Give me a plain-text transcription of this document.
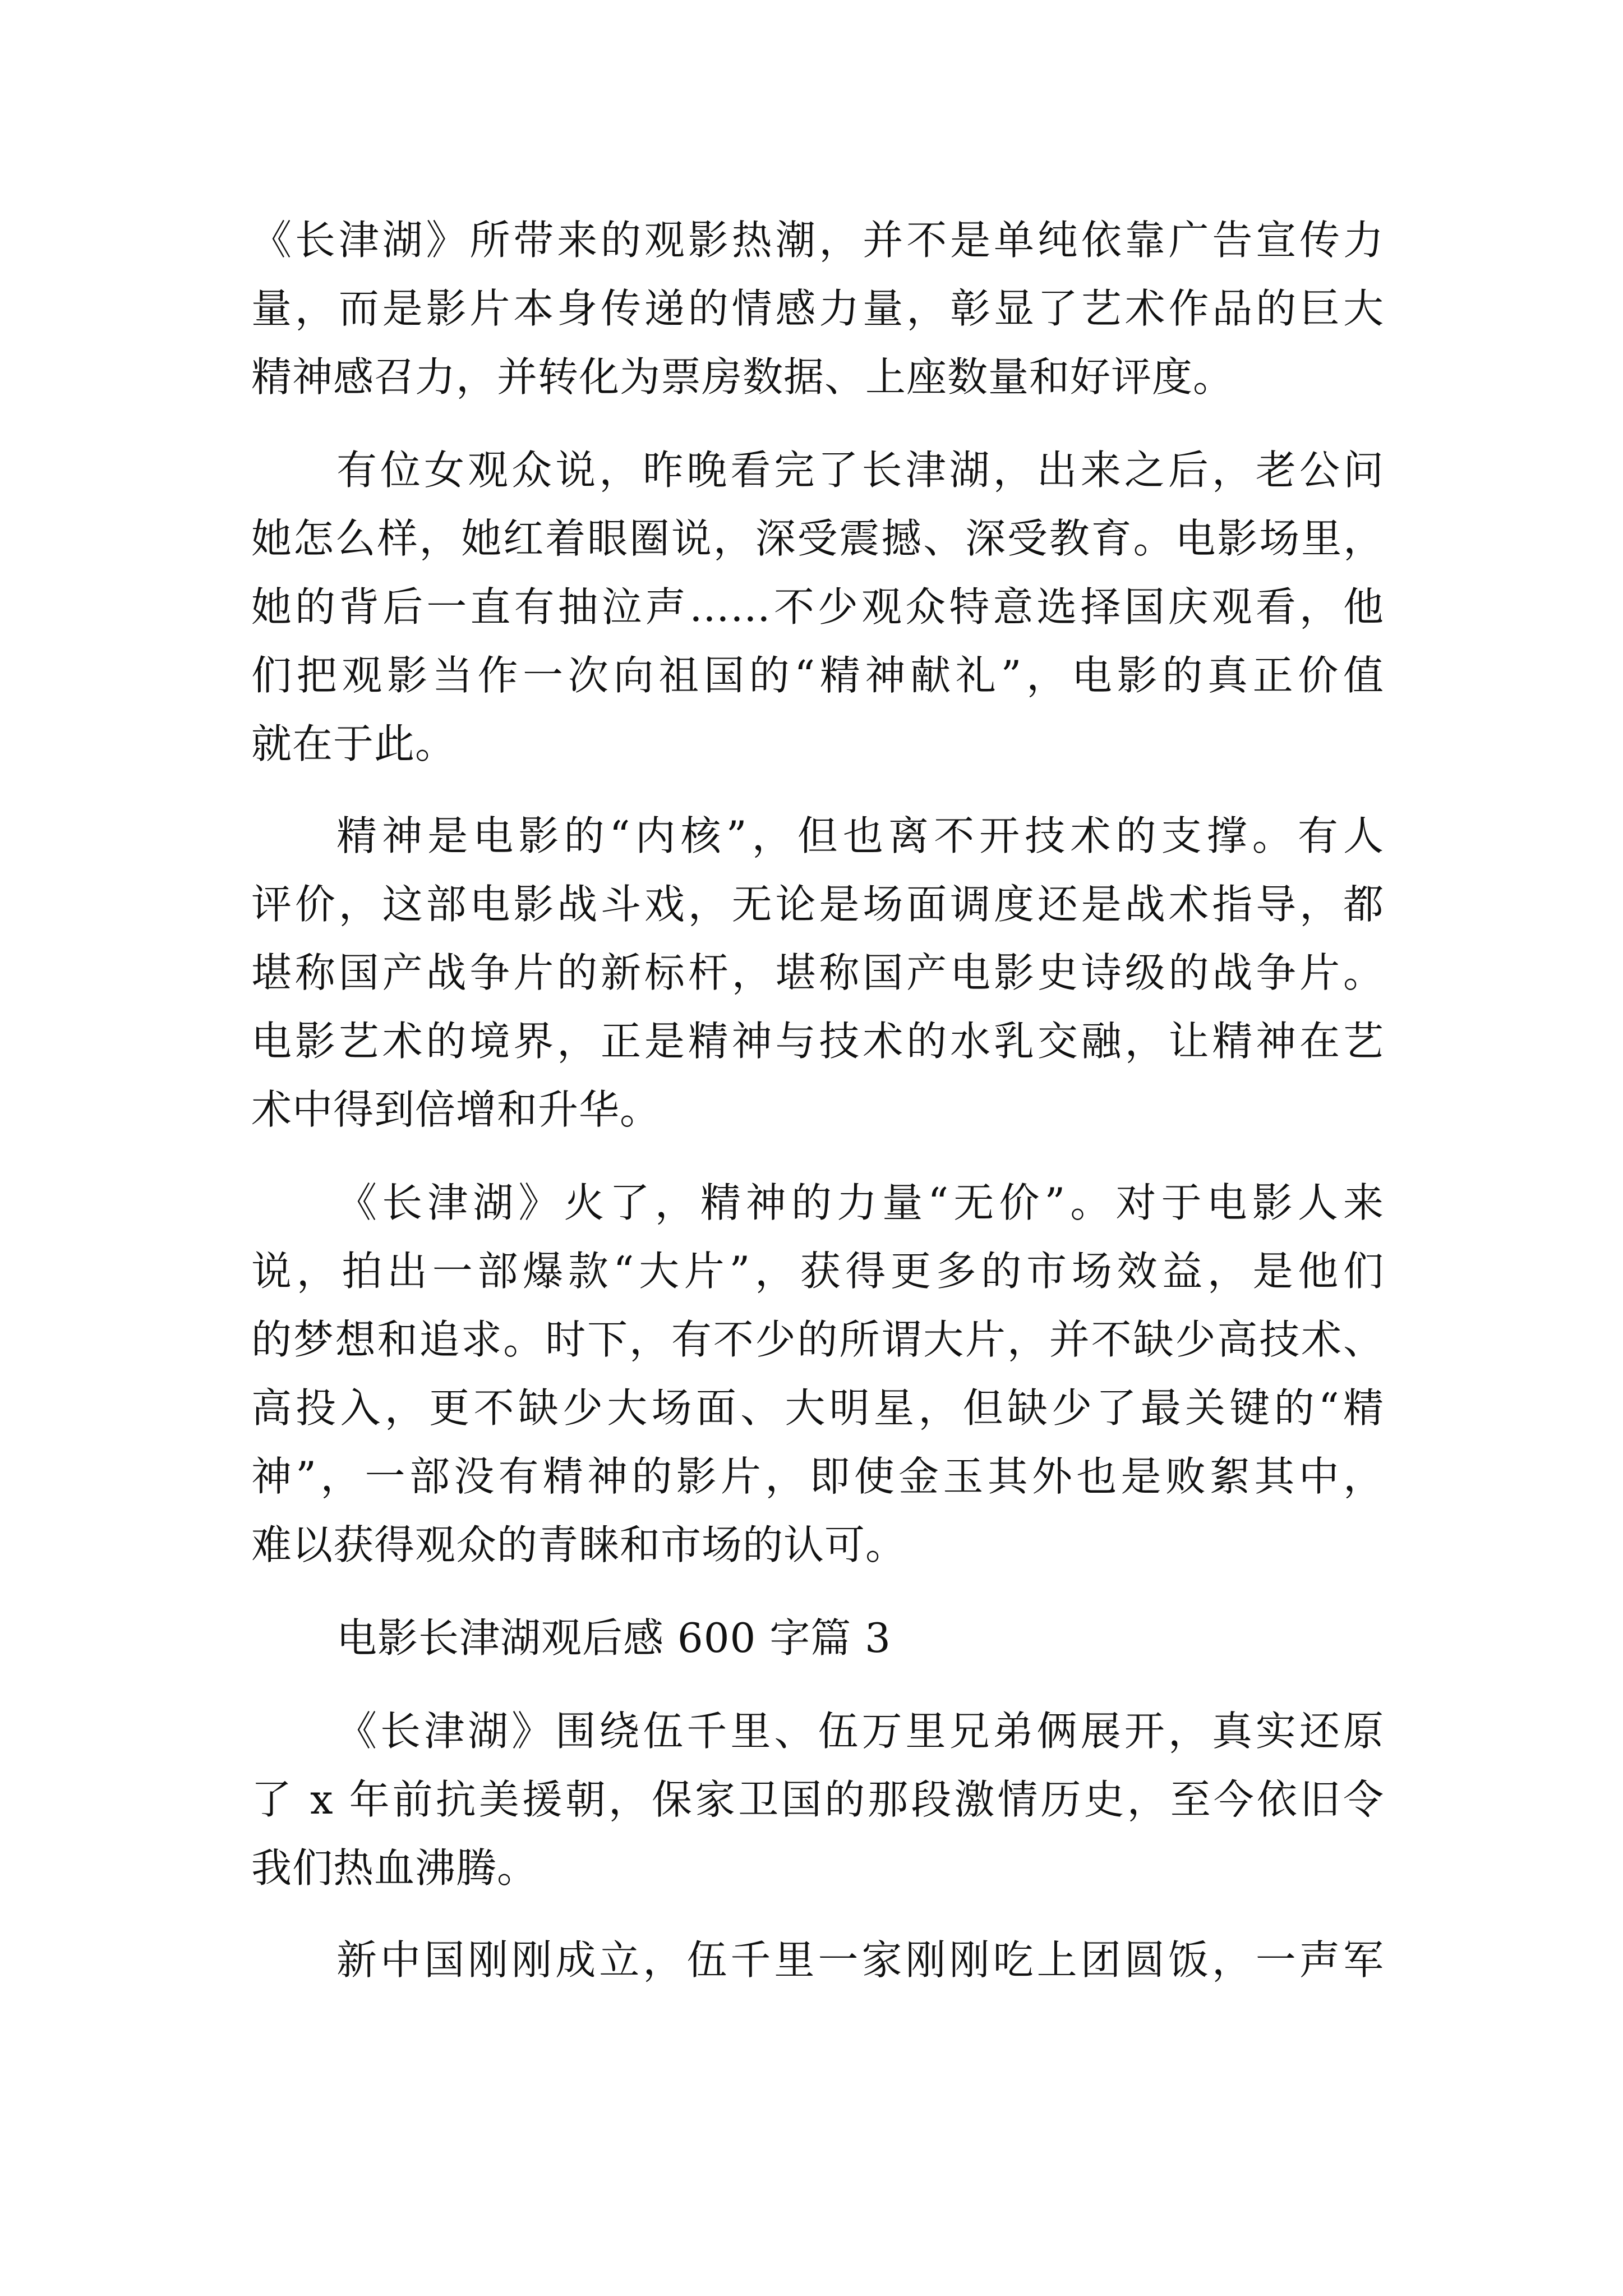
《长津湖》所带来的观影热潮，并不是单纯依靠广告宣传力

量，而是影片本身传递的情感力量，彰显了艺术作品的巨大

精神感召力，并转化为票房数据、上座数量和好评度。

有位女观众说，昨晚看完了长津湖，出来之后，老公问

她怎么样，她红着眼圈说，深受震撼、深受教育。电影场里，

她的背后一直有抽泣声……不少观众特意选择国庆观看，他

们把观影当作一次向祖国的“精神献礼”，电影的真正价值

就在于此。

精神是电影的“内核”，但也离不开技术的支撑。有人

评价，这部电影战斗戏，无论是场面调度还是战术指导，都

堪称国产战争片的新标杆，堪称国产电影史诗级的战争片。

电影艺术的境界，正是精神与技术的水乳交融，让精神在艺

术中得到倍增和升华。

《长津湖》火了，精神的力量“无价”。对于电影人来

说，拍出一部爆款“大片”，获得更多的市场效益，是他们

的梦想和追求。时下，有不少的所谓大片，并不缺少高技术、

高投入，更不缺少大场面、大明星，但缺少了最关键的“精

神”，一部没有精神的影片，即使金玉其外也是败絮其中，

难以获得观众的青睐和市场的认可。

电影长津湖观后感 600 字篇 3

《长津湖》围绕伍千里、伍万里兄弟俩展开，真实还原

了 x 年前抗美援朝，保家卫国的那段激情历史，至今依旧令

我们热血沸腾。

新中国刚刚成立，伍千里一家刚刚吃上团圆饭，一声军
